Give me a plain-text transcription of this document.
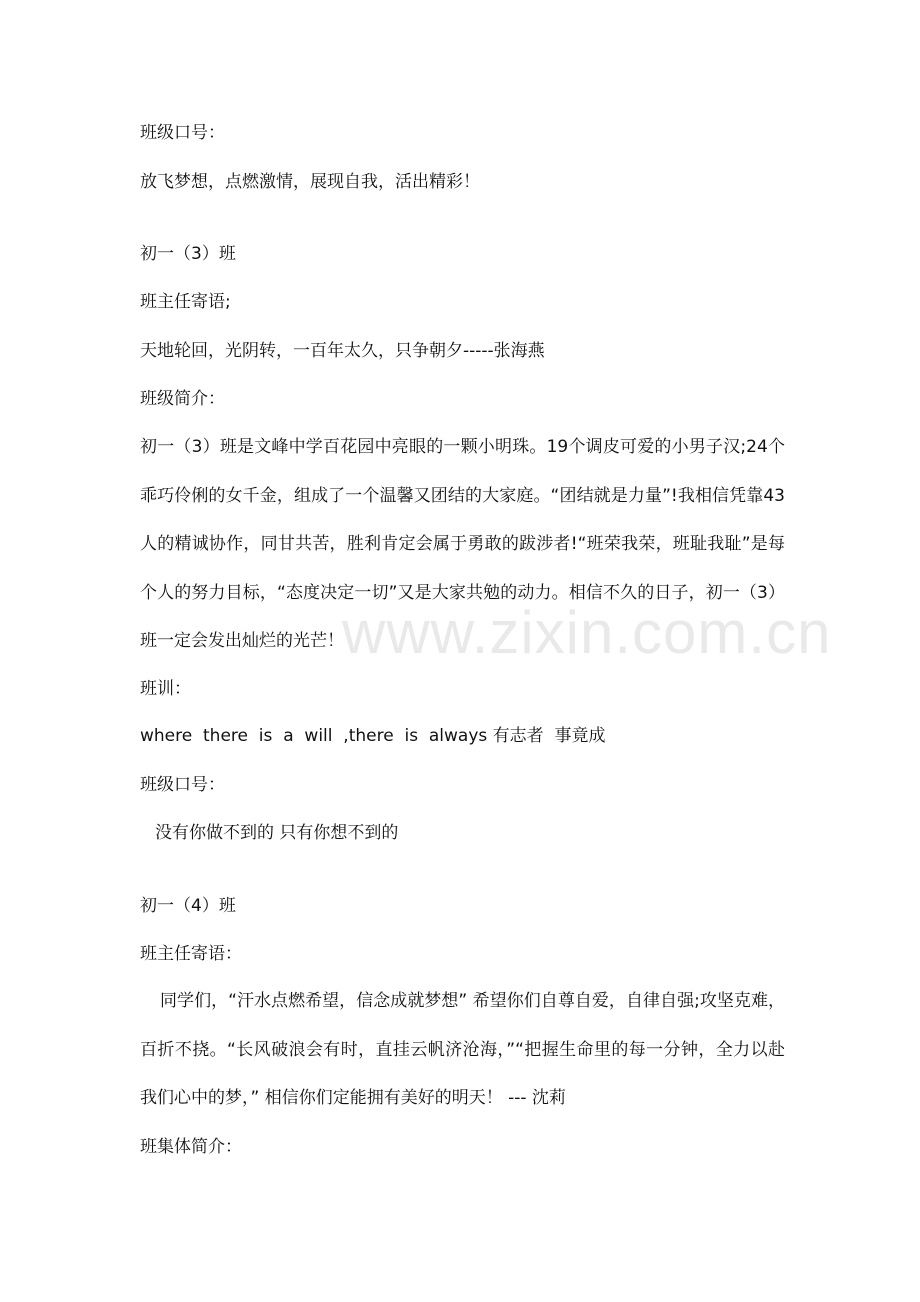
班级口号：
放飞梦想，点燃激情，展现自我，活出精彩！
初一（3）班
班主任寄语;
天地轮回，光阴转，一百年太久，只争朝夕-----张海燕
班级简介：
初一（3）班是文峰中学百花园中亮眼的一颗小明珠。19个调皮可爱的小男子汉;24个乖巧伶俐的女千金，组成了一个温馨又团结的大家庭。“团结就是力量”!我相信凭靠43人的精诚协作，同甘共苦，胜利肯定会属于勇敢的跋涉者!“班荣我荣，班耻我耻”是每个人的努力目标，“态度决定一切”又是大家共勉的动力。相信不久的日子，初一（3）班一定会发出灿烂的光芒！
班训：
where  there  is  a  will  ,there  is  always 有志者  事竟成
班级口号：
没有你做不到的 只有你想不到的
初一（4）班
班主任寄语：
同学们，“汗水点燃希望，信念成就梦想” 希望你们自尊自爱，自律自强;攻坚克难，百折不挠。“长风破浪会有时，直挂云帆济沧海，”“把握生命里的每一分钟，全力以赴我们心中的梦，” 相信你们定能拥有美好的明天！ --- 沈莉
班集体简介：
www.zixin.com.cn
